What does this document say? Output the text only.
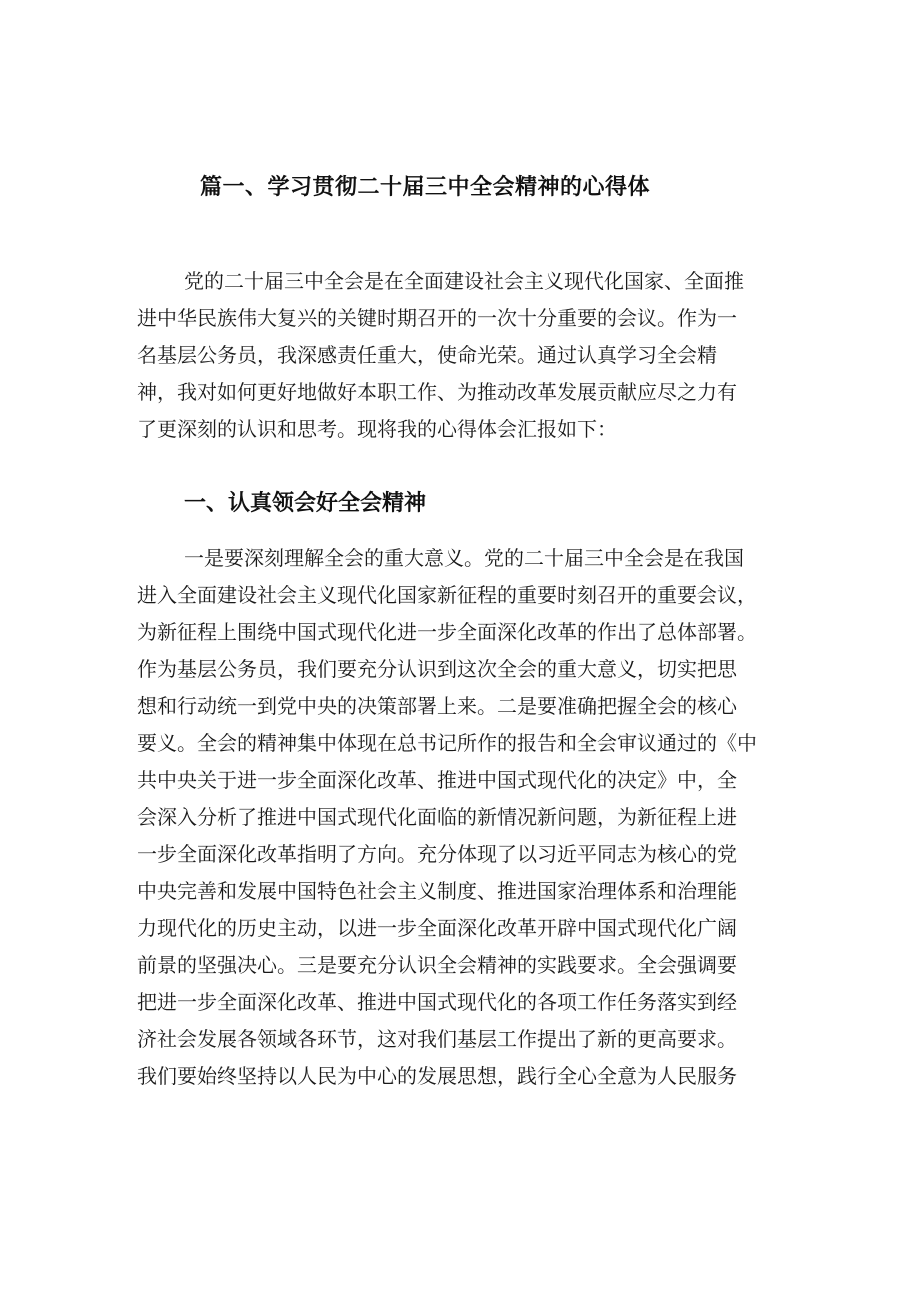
篇一、学习贯彻二十届三中全会精神的心得体
党的二十届三中全会是在全面建设社会主义现代化国家、全面推
进中华民族伟大复兴的关键时期召开的一次十分重要的会议。作为一
名基层公务员，我深感责任重大，使命光荣。通过认真学习全会精
神，我对如何更好地做好本职工作、为推动改革发展贡献应尽之力有
了更深刻的认识和思考。现将我的心得体会汇报如下：
一、认真领会好全会精神
一是要深刻理解全会的重大意义。党的二十届三中全会是在我国
进入全面建设社会主义现代化国家新征程的重要时刻召开的重要会议，
为新征程上围绕中国式现代化进一步全面深化改革的作出了总体部署。
作为基层公务员，我们要充分认识到这次全会的重大意义，切实把思
想和行动统一到党中央的决策部署上来。二是要准确把握全会的核心
要义。全会的精神集中体现在总书记所作的报告和全会审议通过的《中
共中央关于进一步全面深化改革、推进中国式现代化的决定》中，全
会深入分析了推进中国式现代化面临的新情况新问题，为新征程上进
一步全面深化改革指明了方向。充分体现了以习近平同志为核心的党
中央完善和发展中国特色社会主义制度、推进国家治理体系和治理能
力现代化的历史主动，以进一步全面深化改革开辟中国式现代化广阔
前景的坚强决心。三是要充分认识全会精神的实践要求。全会强调要
把进一步全面深化改革、推进中国式现代化的各项工作任务落实到经
济社会发展各领域各环节，这对我们基层工作提出了新的更高要求。
我们要始终坚持以人民为中心的发展思想，践行全心全意为人民服务
